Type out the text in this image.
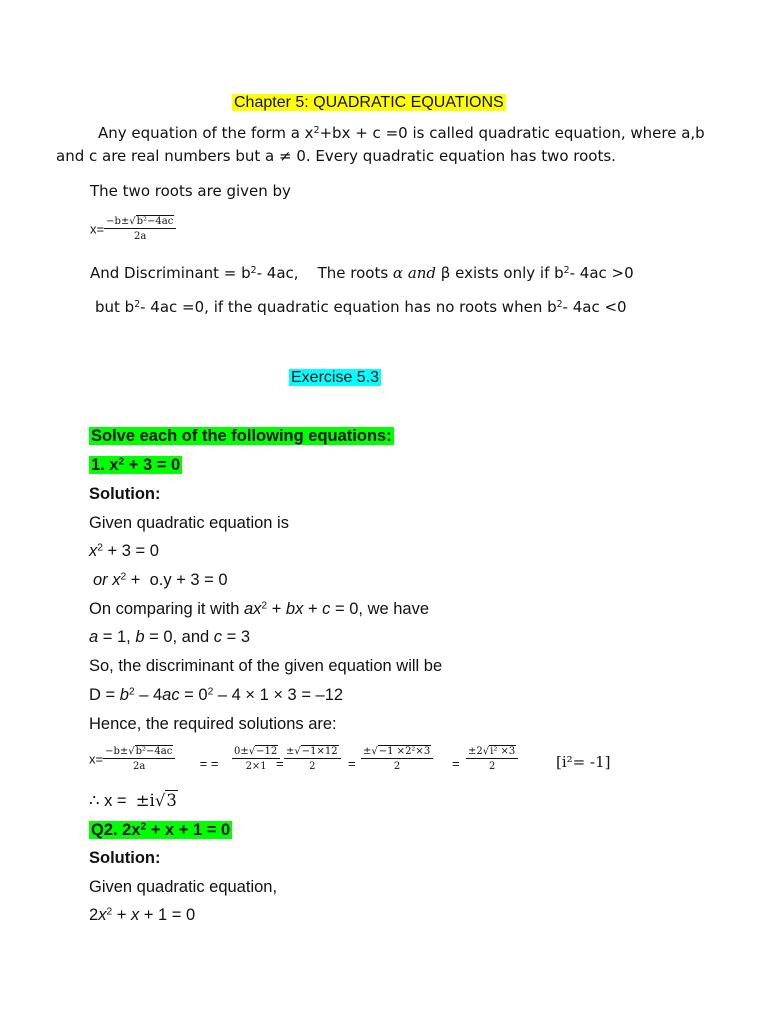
Chapter 5: QUADRATIC EQUATIONS
Any equation of the form a $x^2+bx + c =0$ is called quadratic equation, where a,b
and c are real numbers but a ≠ 0. Every quadratic equation has two roots.
The two roots are given by
$x= \frac{\text{−b±√b²−4ac}}{2a}$
And Discriminant = $b^2-$ 4ac,    The roots α and β exists only if $b^2-$ 4ac >0
but $b^2-$ 4ac =0, if the quadratic equation has no roots when $b^2-$ 4ac <0
Exercise 5.3
Solve each of the following equations:
1. $x^2 + 3 = 0$
Solution:
Given quadratic equation is
$x^2 + 3 = 0$
or $x^2 + o.y + 3 = 0$
On comparing it with $ax^2$ + bx + c = 0, we have
a = 1, b = 0, and c = 3
So, the discriminant of the given equation will be
$D = b^2 - 4ac = 0^2 - 4 \times 1 \times 3 = -12$
Hence, the required solutions are:
$x= \frac{\text{−b±√b²−4ac}}{2a}$ = = $\frac{0\pm√-12}{2\times 1}$
= $\frac{\pm√-1\times 12}{2} = \frac{\text{±√−1 ×2²×3}}{2} = \frac{\text{±2√i² ×3}}{2}$	[i²= -1]
∴ x =  ±i√3
Q2. $2x^2 + x + 1 = 0$
Solution:
Given quadratic equation,
$2x^2 + x + 1 = 0$
